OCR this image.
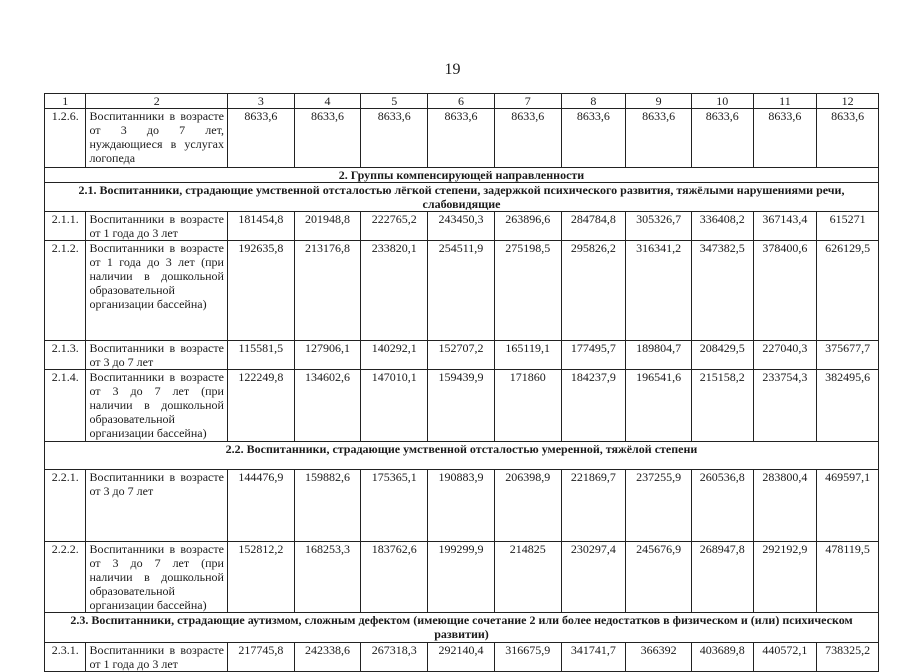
19
1	2	3	4	5	6	7	8	9	10	11	12
1.2.6.	Воспитанники в возрасте от 3 до 7 лет, нуждающиеся в услугах логопеда	8633,6	8633,6	8633,6	8633,6	8633,6	8633,6	8633,6	8633,6	8633,6	8633,6
2. Группы компенсирующей направленности											
2.1. Воспитанники, страдающие умственной отсталостью лёгкой степени, задержкой психического развития, тяжёлыми нарушениями речи, слабовидящие											
2.1.1.	Воспитанники в возрасте от 1 года до 3 лет	181454,8	201948,8	222765,2	243450,3	263896,6	284784,8	305326,7	336408,2	367143,4	615271
2.1.2.	Воспитанники в возрасте от 1 года до 3 лет (при наличии в дошкольной образовательной организации бассейна)	192635,8	213176,8	233820,1	254511,9	275198,5	295826,2	316341,2	347382,5	378400,6	626129,5
2.1.3.	Воспитанники в возрасте от 3 до 7 лет	115581,5	127906,1	140292,1	152707,2	165119,1	177495,7	189804,7	208429,5	227040,3	375677,7
2.1.4.	Воспитанники в возрасте от 3 до 7 лет (при наличии в дошкольной образовательной организации бассейна)	122249,8	134602,6	147010,1	159439,9	171860	184237,9	196541,6	215158,2	233754,3	382495,6
2.2. Воспитанники, страдающие умственной отсталостью умеренной, тяжёлой степени											
2.2.1.	Воспитанники в возрасте от 3 до 7 лет	144476,9	159882,6	175365,1	190883,9	206398,9	221869,7	237255,9	260536,8	283800,4	469597,1
2.2.2.	Воспитанники в возрасте от 3 до 7 лет (при наличии в дошкольной образовательной организации бассейна)	152812,2	168253,3	183762,6	199299,9	214825	230297,4	245676,9	268947,8	292192,9	478119,5
2.3. Воспитанники, страдающие аутизмом, сложным дефектом (имеющие сочетание 2 или более недостатков в физическом и (или) психическом развитии)											
2.3.1.	Воспитанники в возрасте от 1 года до 3 лет	217745,8	242338,6	267318,3	292140,4	316675,9	341741,7	366392	403689,8	440572,1	738325,2
